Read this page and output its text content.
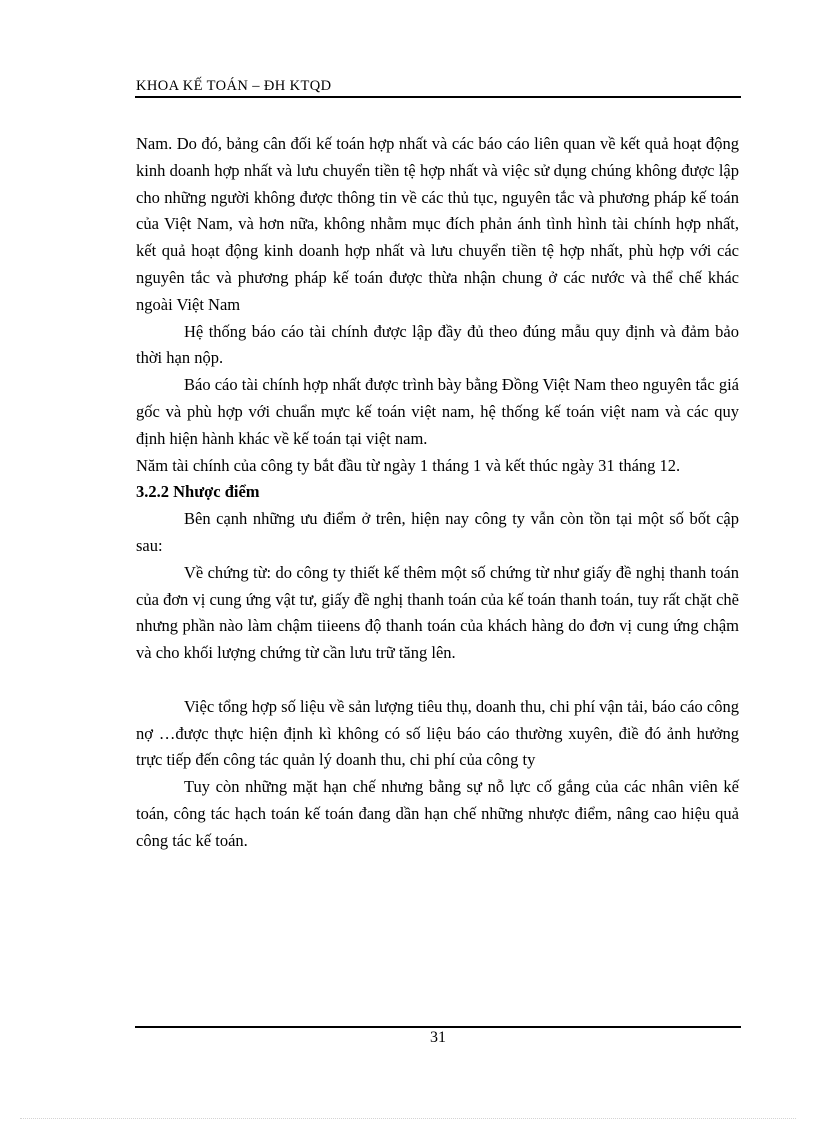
KHOA KẾ TOÁN – ĐH KTQD

Nam. Do đó, bảng cân đối kế toán hợp nhất và các báo cáo liên quan về kết quả hoạt động kinh doanh hợp nhất và lưu chuyển tiền tệ hợp nhất và việc sử dụng chúng không được lập cho những người không được thông tin về các thủ tục, nguyên tắc và phương pháp kế toán của Việt Nam, và hơn nữa, không nhằm mục đích phản ánh tình hình tài chính hợp nhất, kết quả hoạt động kinh doanh hợp nhất và lưu chuyển tiền tệ hợp nhất, phù hợp với các nguyên tắc và phương pháp kế toán được thừa nhận chung ở các nước và thể chế khác ngoài Việt Nam

Hệ thống báo cáo tài chính được lập đầy đủ theo đúng mẫu quy định và đảm bảo thời hạn nộp.

Báo cáo tài chính hợp nhất được trình bày bằng Đồng Việt Nam theo nguyên tắc giá gốc và phù hợp với chuẩn mực kế toán việt nam, hệ thống kế toán việt nam và các quy định hiện hành khác về kế toán tại việt nam.

Năm tài chính của công ty bắt đầu từ ngày 1 tháng 1 và kết thúc ngày 31 tháng 12.

3.2.2 Nhược điểm

Bên cạnh những ưu điểm ở trên, hiện nay công ty vẫn còn tồn tại một số bốt cập sau:

Về chứng từ: do công ty thiết kế thêm một số chứng từ như giấy đề nghị thanh toán của đơn vị cung ứng vật tư, giấy đề nghị thanh toán của kế toán thanh toán, tuy rất chặt chẽ nhưng phần nào làm chậm tiieens độ thanh toán của khách hàng do đơn vị cung ứng chậm và cho khối lượng chứng từ cần lưu trữ tăng lên.

Việc tổng hợp số liệu về sản lượng tiêu thụ, doanh thu, chi phí vận tải, báo cáo công nợ …được thực hiện định kì không có số liệu báo cáo thường xuyên, điề đó ảnh hưởng trực tiếp đến công tác quản lý doanh thu, chi phí của công ty

Tuy còn những mặt hạn chế nhưng bằng sự nỗ lực cố gắng của các nhân viên kế toán, công tác hạch toán kế toán đang dần hạn chế những nhược điểm, nâng cao hiệu quả công tác kế toán.

31
